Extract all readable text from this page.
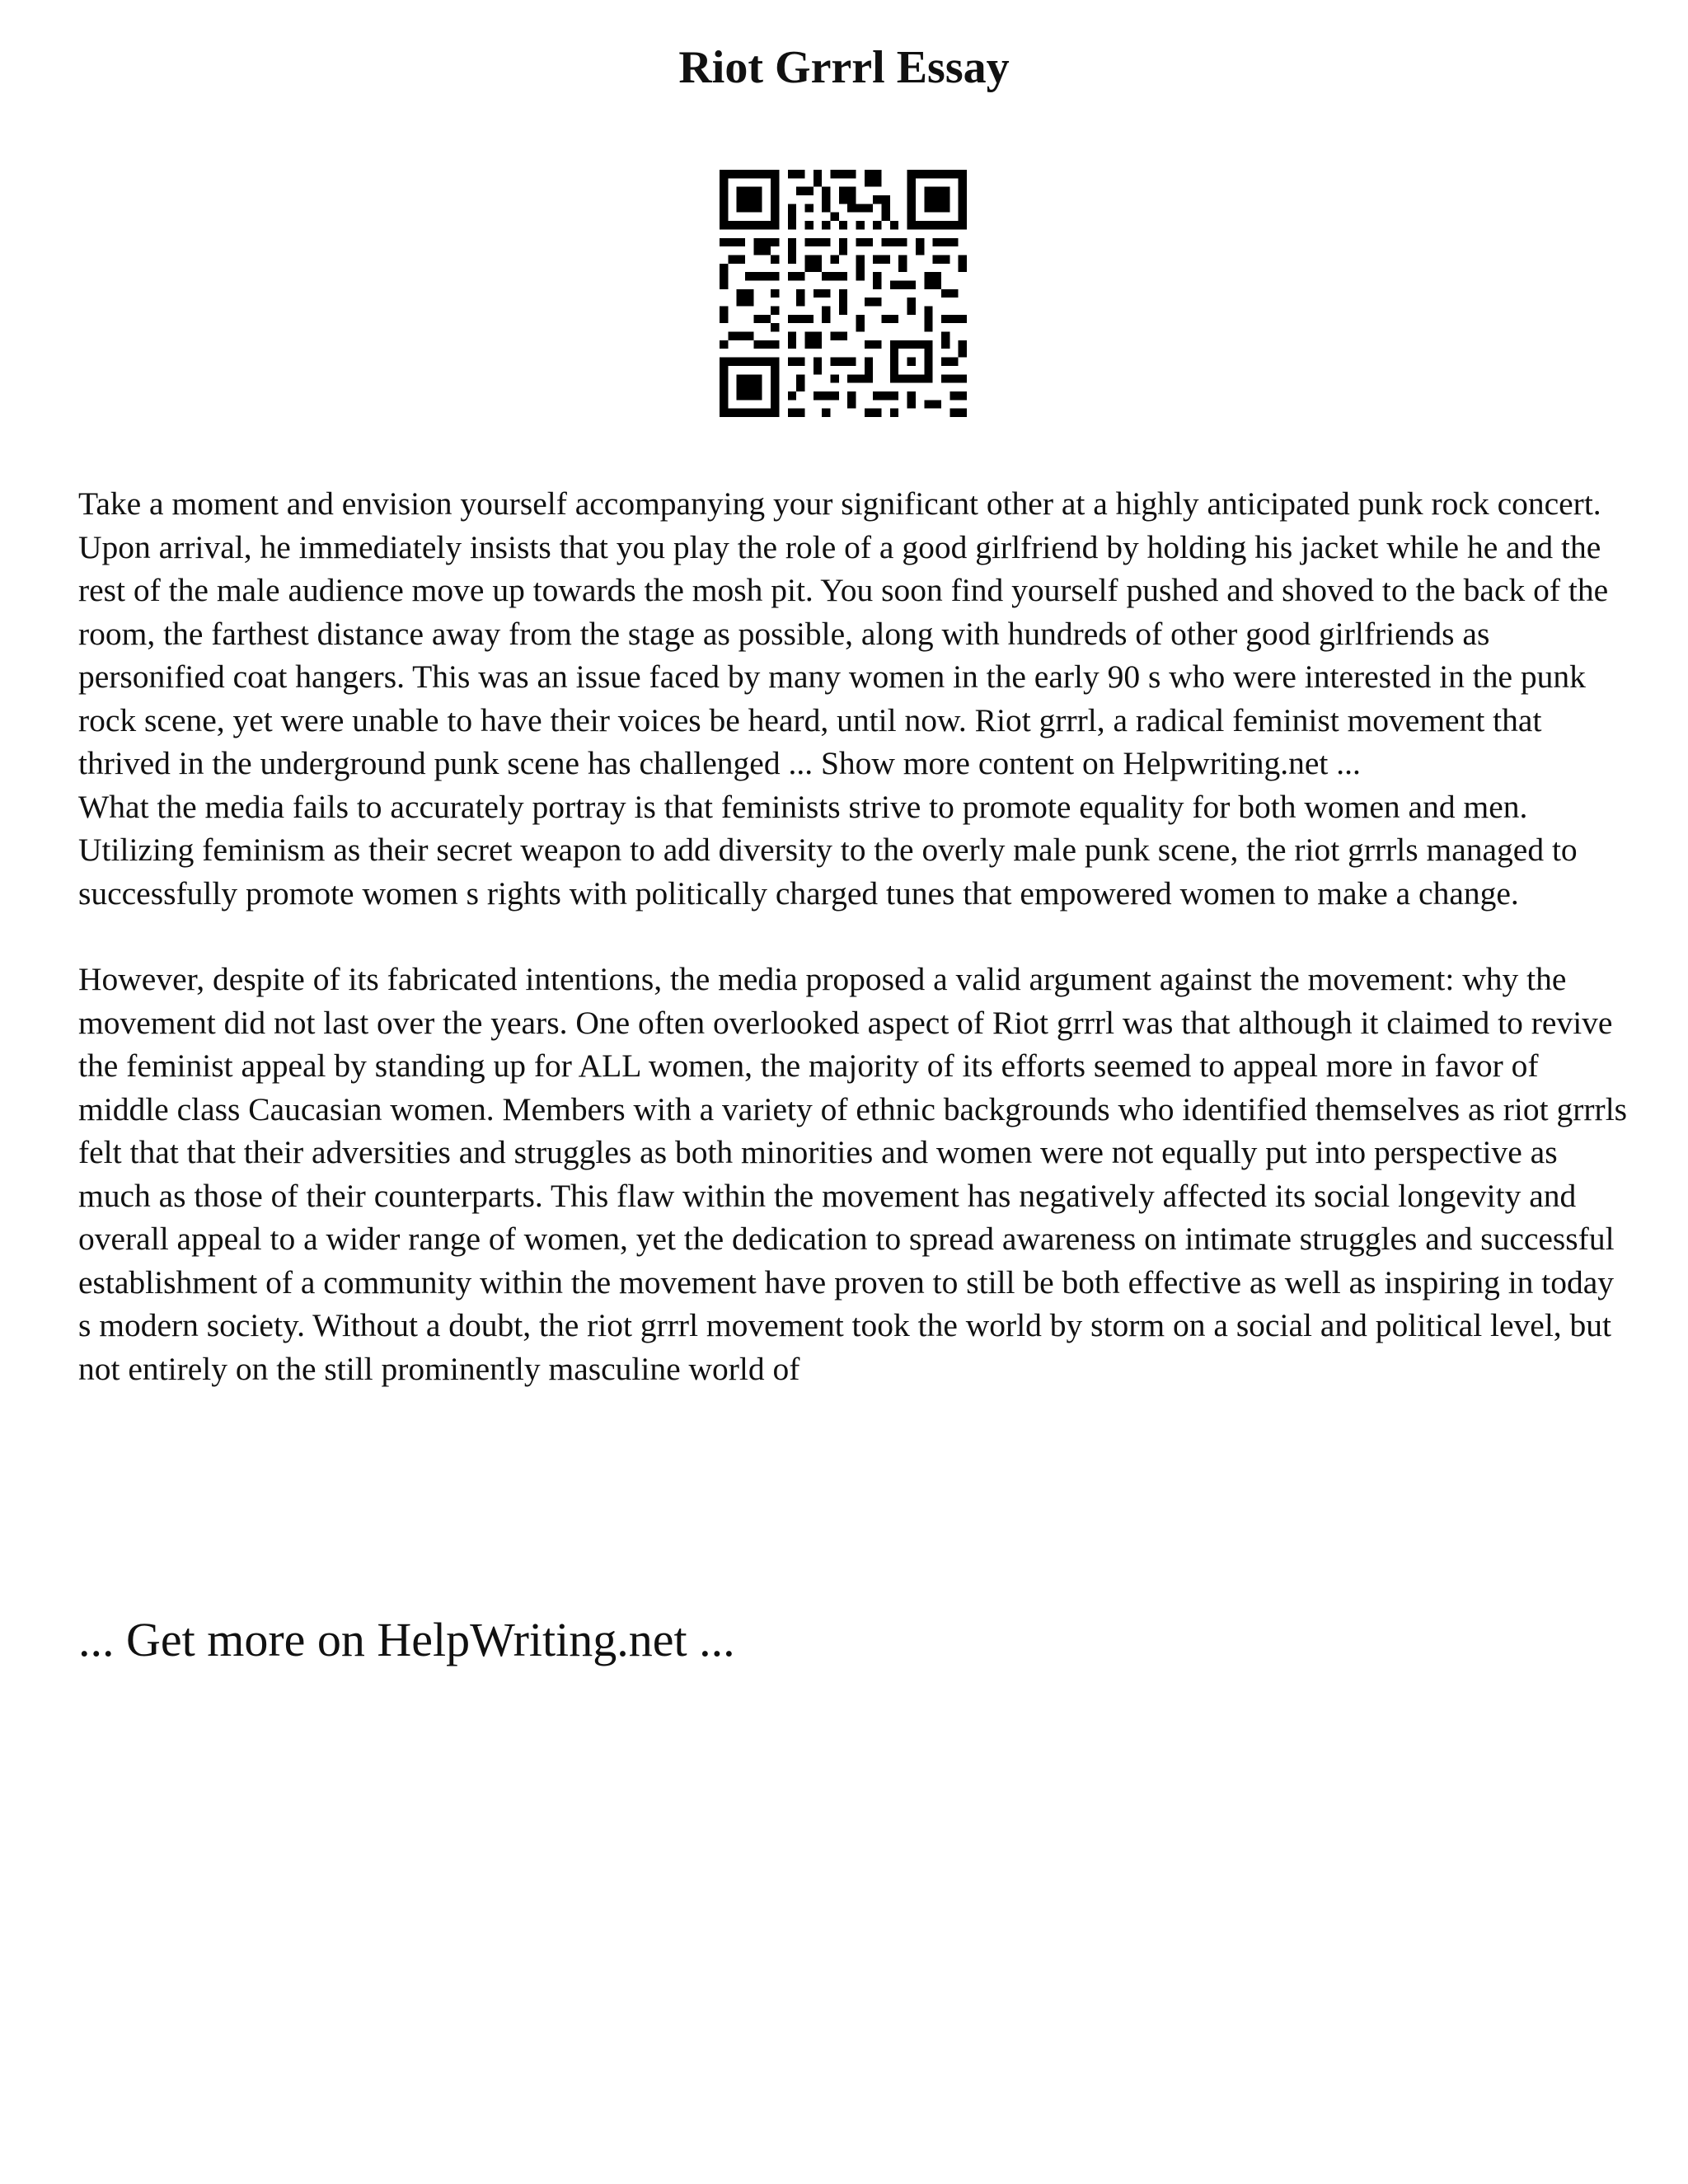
Riot Grrrl Essay

Take a moment and envision yourself accompanying your significant other at a highly anticipated punk rock concert. Upon arrival, he immediately insists that you play the role of a good girlfriend by holding his jacket while he and the rest of the male audience move up towards the mosh pit. You soon find yourself pushed and shoved to the back of the room, the farthest distance away from the stage as possible, along with hundreds of other good girlfriends as personified coat hangers. This was an issue faced by many women in the early 90 s who were interested in the punk rock scene, yet were unable to have their voices be heard, until now. Riot grrrl, a radical feminist movement that thrived in the underground punk scene has challenged ... Show more content on Helpwriting.net ...

What the media fails to accurately portray is that feminists strive to promote equality for both women and men. Utilizing feminism as their secret weapon to add diversity to the overly male punk scene, the riot grrrls managed to successfully promote women s rights with politically charged tunes that empowered women to make a change.

However, despite of its fabricated intentions, the media proposed a valid argument against the movement: why the movement did not last over the years. One often overlooked aspect of Riot grrrl was that although it claimed to revive the feminist appeal by standing up for ALL women, the majority of its efforts seemed to appeal more in favor of middle class Caucasian women. Members with a variety of ethnic backgrounds who identified themselves as riot grrrls felt that that their adversities and struggles as both minorities and women were not equally put into perspective as much as those of their counterparts. This flaw within the movement has negatively affected its social longevity and overall appeal to a wider range of women, yet the dedication to spread awareness on intimate struggles and successful establishment of a community within the movement have proven to still be both effective as well as inspiring in today s modern society. Without a doubt, the riot grrrl movement took the world by storm on a social and political level, but not entirely on the still prominently masculine world of

... Get more on HelpWriting.net ...
